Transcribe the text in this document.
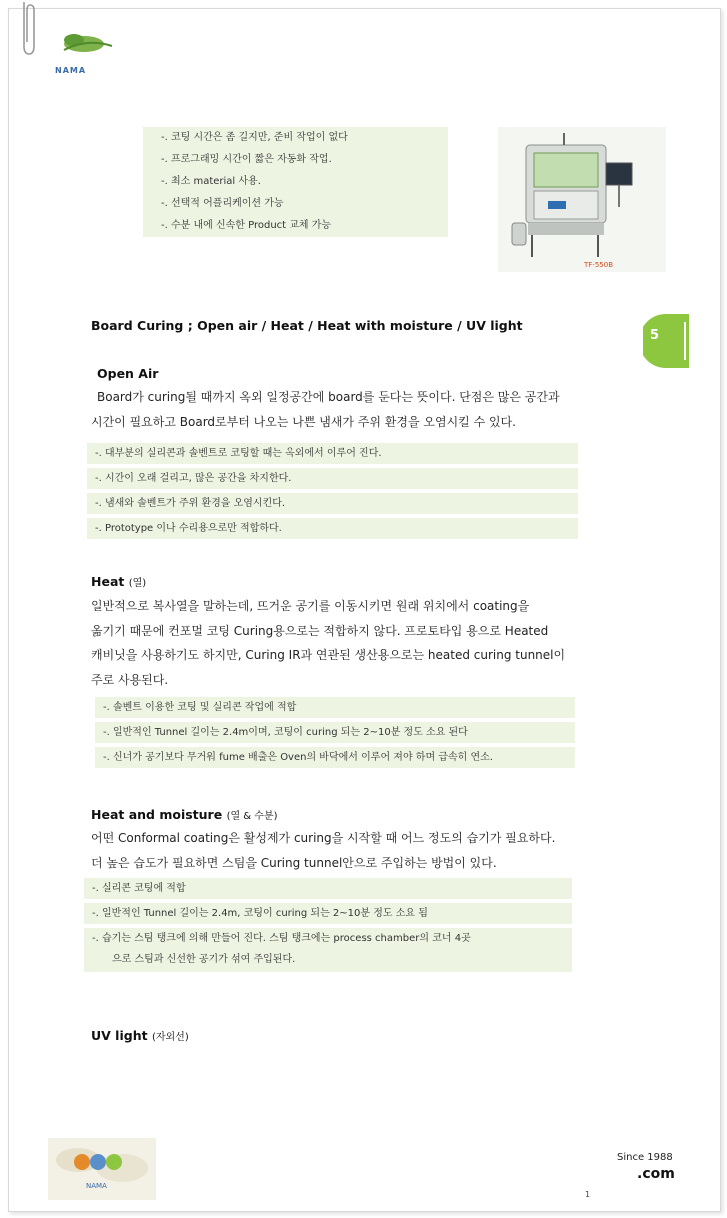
NAMA
-. 코팅 시간은 좀 길지만, 준비 작업이 없다
-. 프로그래밍 시간이 짧은 자동화 작업.
-. 최소 material 사용.
-. 선택적 어플리케이션 가능
-. 수분 내에 신속한 Product 교체 가능
TF-550B
5
Board Curing ; Open air / Heat / Heat with moisture / UV light
Open Air
Board가 curing될 때까지 옥외 일정공간에 board를 둔다는 뜻이다. 단점은 많은 공간과
시간이 필요하고 Board로부터 나오는 나쁜 냄새가 주위 환경을 오염시킬 수 있다.
-. 대부분의 실리콘과 솔벤트로 코팅할 때는 옥외에서 이루어 진다.
-. 시간이 오래 걸리고, 많은 공간을 차지한다.
-. 냄새와 솔벤트가 주위 환경을 오염시킨다.
-. Prototype 이나 수리용으로만 적합하다.
Heat (열)
일반적으로 복사열을 말하는데, 뜨거운 공기를 이동시키면 원래 위치에서 coating을
옮기기 때문에 컨포멀 코팅 Curing용으로는 적합하지 않다. 프로토타입 용으로 Heated
캐비닛을 사용하기도 하지만, Curing IR과 연관된 생산용으로는 heated curing tunnel이
주로 사용된다.
-. 솔벤트 이용한 코팅 및 실리콘 작업에 적합
-. 일반적인 Tunnel 길이는 2.4m이며, 코팅이 curing 되는 2~10분 정도 소요 된다
-. 신너가 공기보다 무거워 fume 배출은 Oven의 바닥에서 이루어 져야 하며 급속히 연소.
Heat and moisture (열 & 수분)
어떤 Conformal coating은 활성제가 curing을 시작할 때 어느 정도의 습기가 필요하다.
더 높은 습도가 필요하면 스팀을 Curing tunnel안으로 주입하는 방법이 있다.
-. 실리콘 코팅에 적합
-. 일반적인 Tunnel 길이는 2.4m, 코팅이 curing 되는 2~10분 정도 소요 됨
-. 습기는 스팀 탱크에 의해 만들어 진다. 스팀 탱크에는 process chamber의 코너 4곳
으로 스팀과 신선한 공기가 섞여 주입된다.
UV light (자외선)
NAMA
Since 1988
.com
1
